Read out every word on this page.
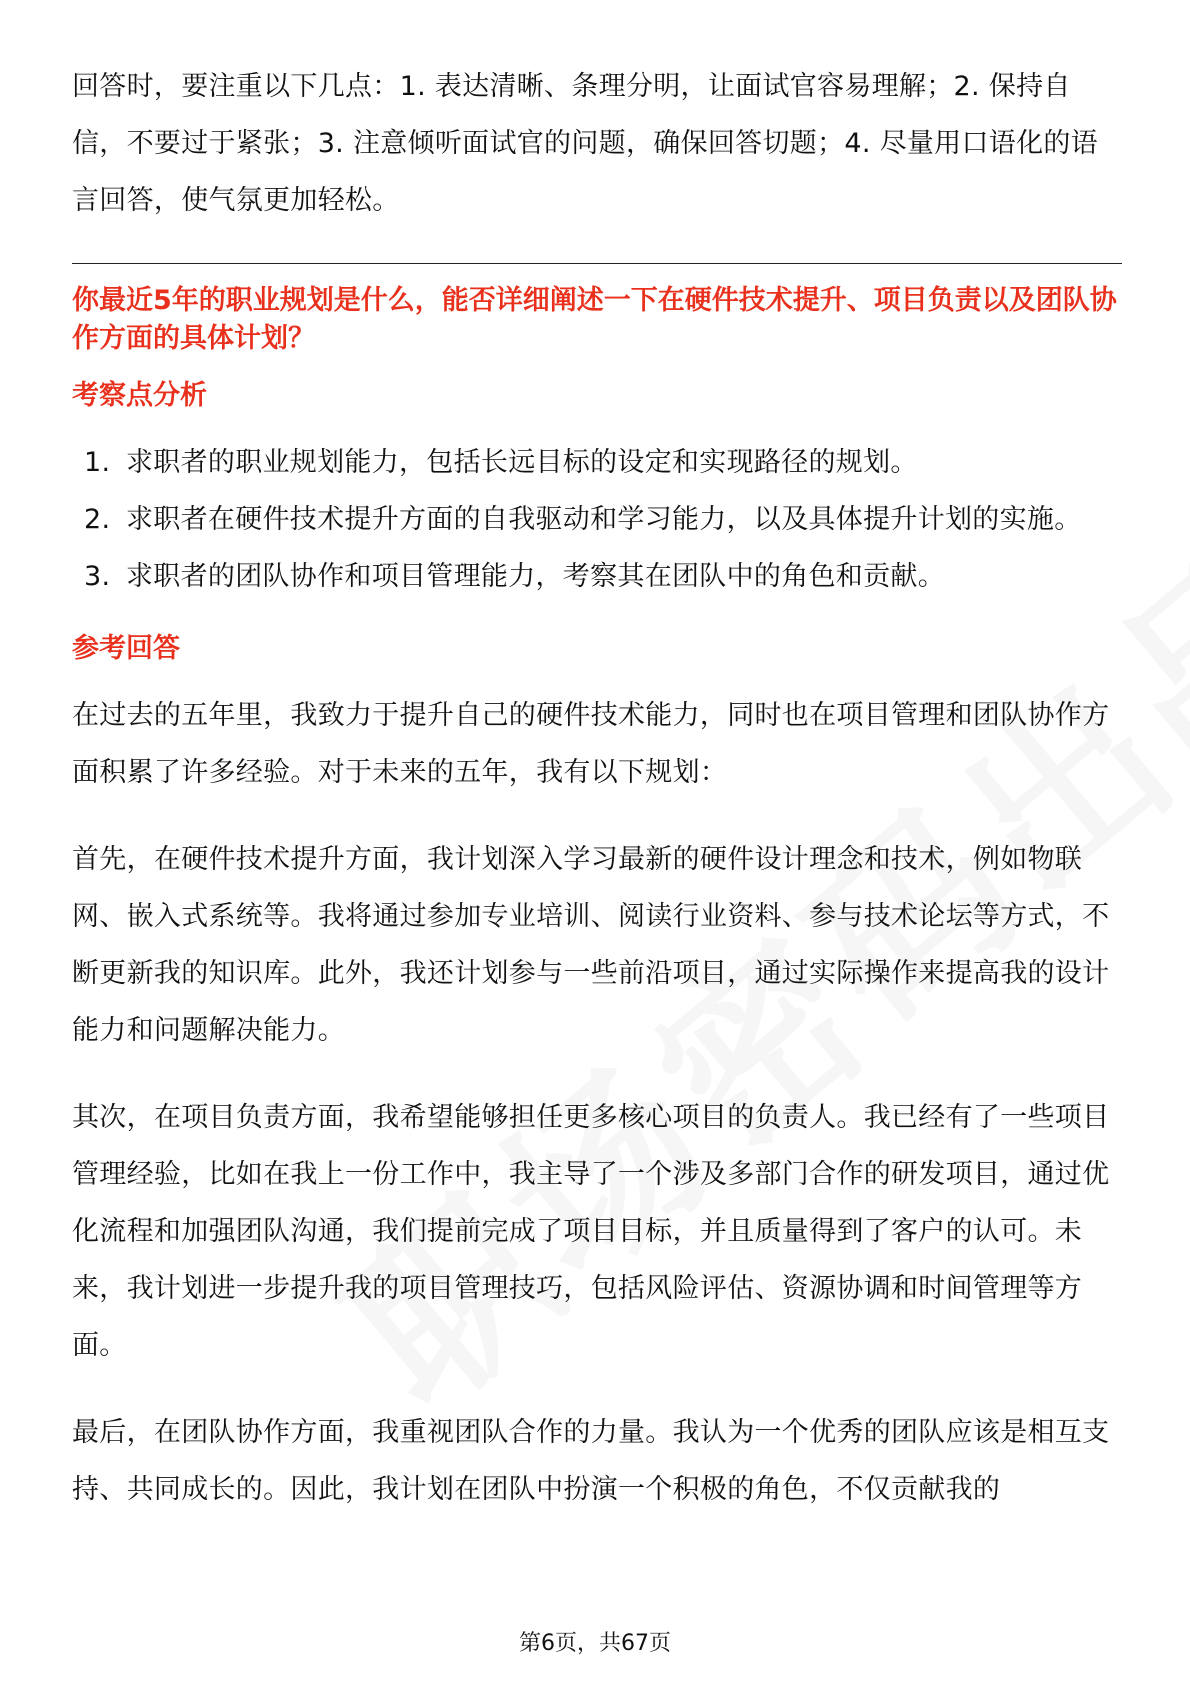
回答时，要注重以下几点：1. 表达清晰、条理分明，让面试官容易理解；2. 保持自信，不要过于紧张；3. 注意倾听面试官的问题，确保回答切题；4. 尽量用口语化的语言回答，使气氛更加轻松。

你最近5年的职业规划是什么，能否详细阐述一下在硬件技术提升、项目负责以及团队协作方面的具体计划？

考察点分析
1. 求职者的职业规划能力，包括长远目标的设定和实现路径的规划。
2. 求职者在硬件技术提升方面的自我驱动和学习能力，以及具体提升计划的实施。
3. 求职者的团队协作和项目管理能力，考察其在团队中的角色和贡献。
参考回答

在过去的五年里，我致力于提升自己的硬件技术能力，同时也在项目管理和团队协作方面积累了许多经验。对于未来的五年，我有以下规划：

首先，在硬件技术提升方面，我计划深入学习最新的硬件设计理念和技术，例如物联网、嵌入式系统等。我将通过参加专业培训、阅读行业资料、参与技术论坛等方式，不断更新我的知识库。此外，我还计划参与一些前沿项目，通过实际操作来提高我的设计能力和问题解决能力。

其次，在项目负责方面，我希望能够担任更多核心项目的负责人。我已经有了一些项目管理经验，比如在我上一份工作中，我主导了一个涉及多部门合作的研发项目，通过优化流程和加强团队沟通，我们提前完成了项目目标，并且质量得到了客户的认可。未来，我计划进一步提升我的项目管理技巧，包括风险评估、资源协调和时间管理等方面。

最后，在团队协作方面，我重视团队合作的力量。我认为一个优秀的团队应该是相互支持、共同成长的。因此，我计划在团队中扮演一个积极的角色，不仅贡献我的

第6页，共67页
